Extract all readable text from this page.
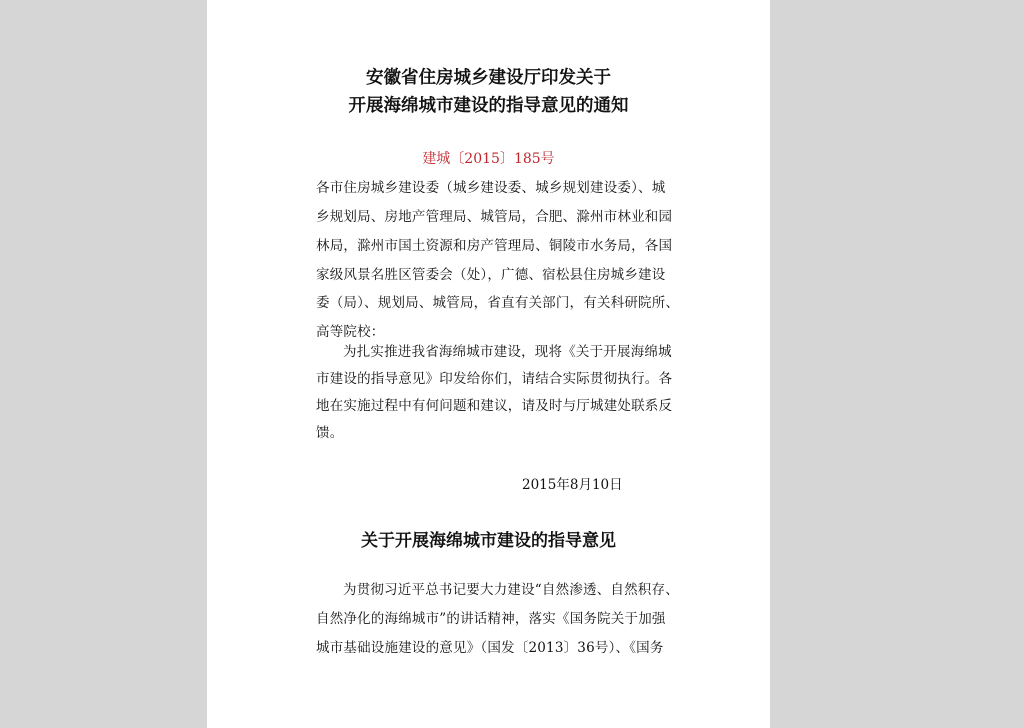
安徽省住房城乡建设厅印发关于
开展海绵城市建设的指导意见的通知
建城〔2015〕185号
各市住房城乡建设委（城乡建设委、城乡规划建设委）、城
乡规划局、房地产管理局、城管局，合肥、滁州市林业和园
林局，滁州市国土资源和房产管理局、铜陵市水务局，各国
家级风景名胜区管委会（处），广德、宿松县住房城乡建设
委（局）、规划局、城管局，省直有关部门，有关科研院所、
高等院校：
为扎实推进我省海绵城市建设，现将《关于开展海绵城
市建设的指导意见》印发给你们，请结合实际贯彻执行。各
地在实施过程中有何问题和建议，请及时与厅城建处联系反
馈。
2015年8月10日
关于开展海绵城市建设的指导意见
为贯彻习近平总书记要大力建设“自然渗透、自然积存、
自然净化的海绵城市”的讲话精神，落实《国务院关于加强
城市基础设施建设的意见》（国发〔2013〕36号）、《国务
